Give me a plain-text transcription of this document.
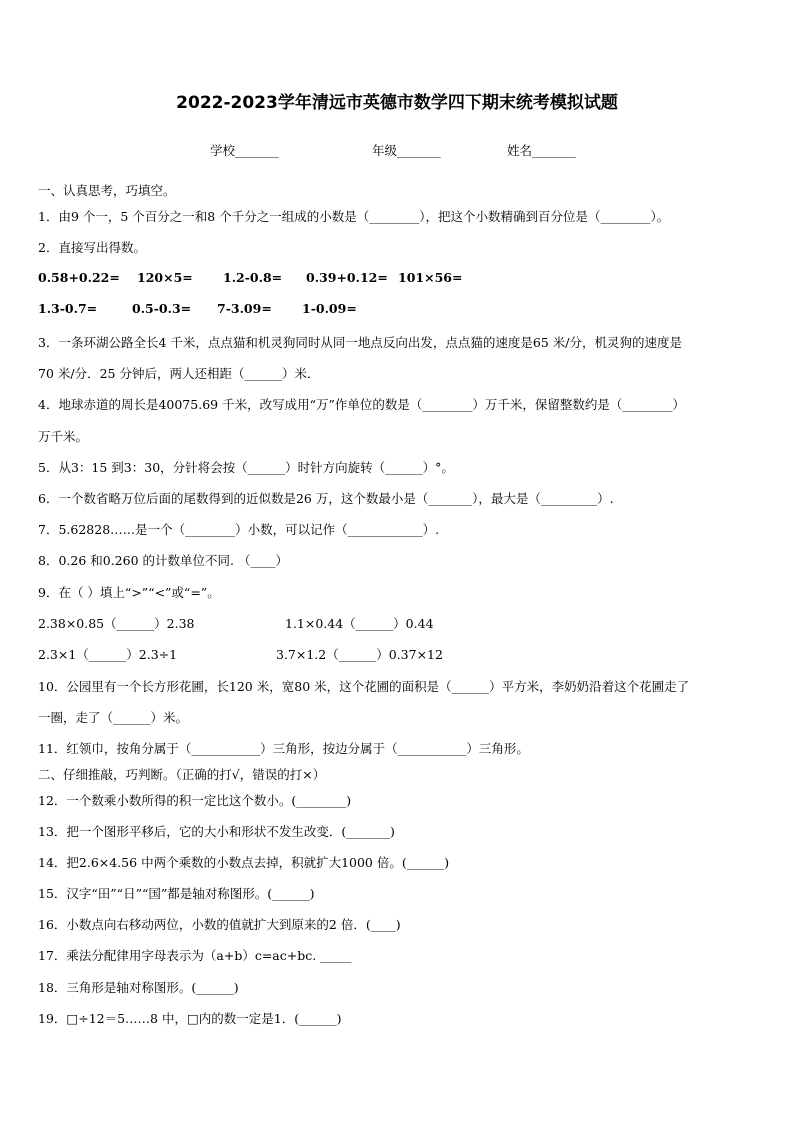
2022-2023学年清远市英德市数学四下期末统考模拟试题
学校_______	年级_______	姓名_______
一、认真思考，巧填空。
1．由9 个一，5 个百分之一和8 个千分之一组成的小数是（________），把这个小数精确到百分位是（________）。
2．直接写出得数。
0.58+0.22= 120×5= 1.2-0.8= 0.39+0.12= 101×56=
1.3-0.7=	0.5-0.3= 7-3.09= 1-0.09=
3．一条环湖公路全长4 千米，点点猫和机灵狗同时从同一地点反向出发，点点猫的速度是65 米/分，机灵狗的速度是
70 米/分．25 分钟后，两人还相距（______）米．
4．地球赤道的周长是40075.69 千米，改写成用“万”作单位的数是（________）万千米，保留整数约是（________）
万千米。
5．从3：15 到3：30，分针将会按（______）时针方向旋转（______）°。
6．一个数省略万位后面的尾数得到的近似数是26 万，这个数最小是（_______），最大是（_________）.
7．5.62828……是一个（________）小数，可以记作（____________）.
8．0.26 和0.260 的计数单位不同. （____）
9．在（ ）填上“>”“<”或“=”。
2.38×0.85（______）2.38	1.1×0.44（______）0.44
2.3×1（______）2.3÷1	3.7×1.2（______）0.37×12
10．公园里有一个长方形花圃，长120 米，宽80 米，这个花圃的面积是（______）平方米，李奶奶沿着这个花圃走了
一圈，走了（______）米。
11．红领巾，按角分属于（___________）三角形，按边分属于（___________）三角形。
二、仔细推敲，巧判断。（正确的打√，错误的打×）
12．一个数乘小数所得的积一定比这个数小。(________)
13．把一个图形平移后，它的大小和形状不发生改变．(_______)
14．把2.6×4.56 中两个乘数的小数点去掉，积就扩大1000 倍。(______)
15．汉字“田”“日”“国”都是轴对称图形。(______)
16．小数点向右移动两位，小数的值就扩大到原来的2 倍．(____)
17．乘法分配律用字母表示为（a+b）c=ac+bc. _____
18．三角形是轴对称图形。(______)
19．□÷12＝5……8 中，□内的数一定是1．(______)
